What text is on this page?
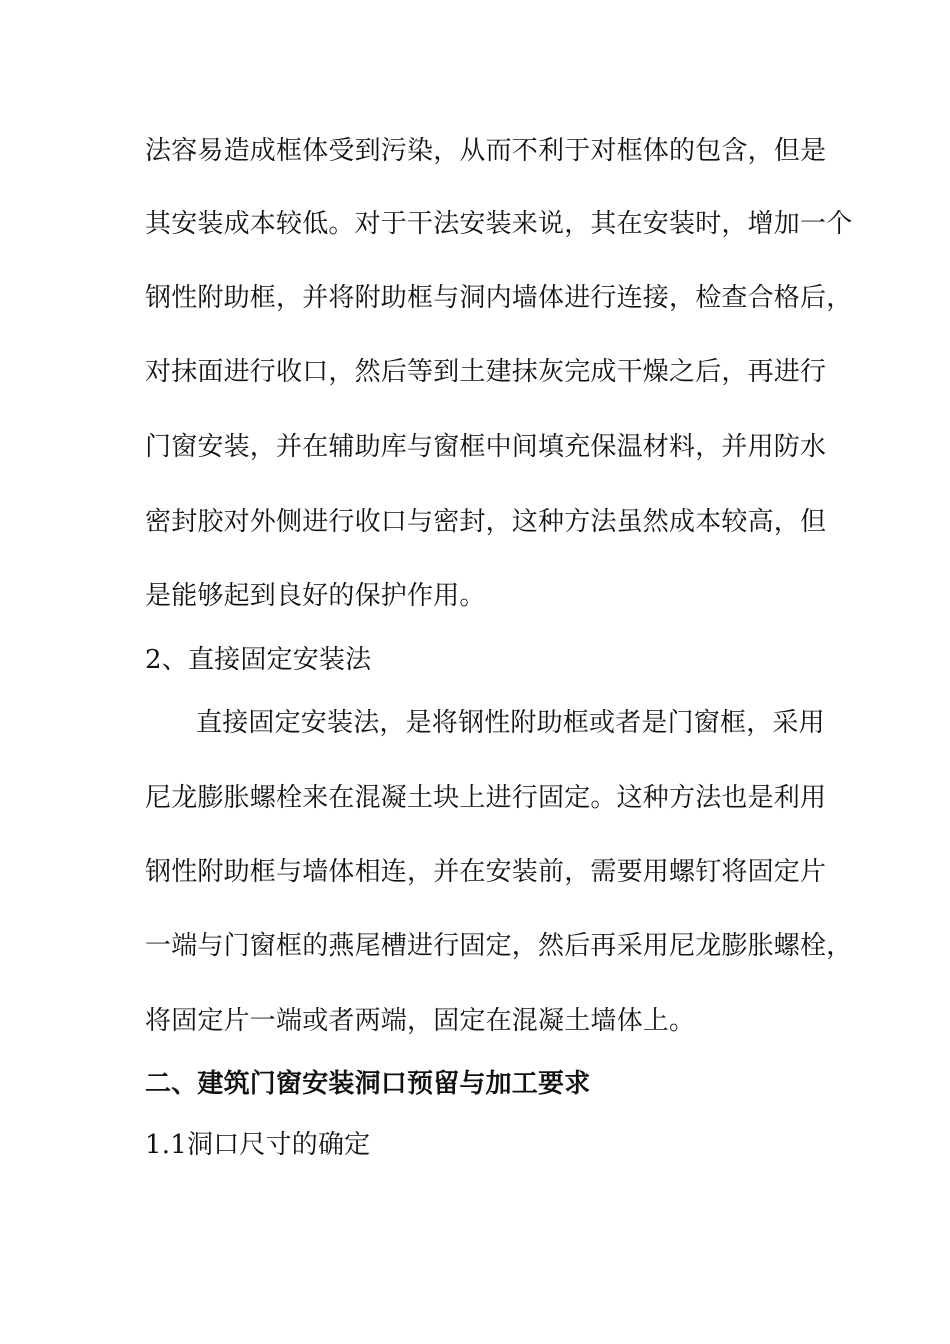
法容易造成框体受到污染，从而不利于对框体的包含，但是
其安装成本较低。对于干法安装来说，其在安装时，增加一个
钢性附助框，并将附助框与洞内墙体进行连接，检查合格后，
对抹面进行收口，然后等到土建抹灰完成干燥之后，再进行
门窗安装，并在辅助库与窗框中间填充保温材料，并用防水
密封胶对外侧进行收口与密封，这种方法虽然成本较高，但
是能够起到良好的保护作用。
2、直接固定安装法
直接固定安装法，是将钢性附助框或者是门窗框，采用
尼龙膨胀螺栓来在混凝土块上进行固定。这种方法也是利用
钢性附助框与墙体相连，并在安装前，需要用螺钉将固定片
一端与门窗框的燕尾槽进行固定，然后再采用尼龙膨胀螺栓，
将固定片一端或者两端，固定在混凝土墙体上。
二、建筑门窗安装洞口预留与加工要求
1.1洞口尺寸的确定
